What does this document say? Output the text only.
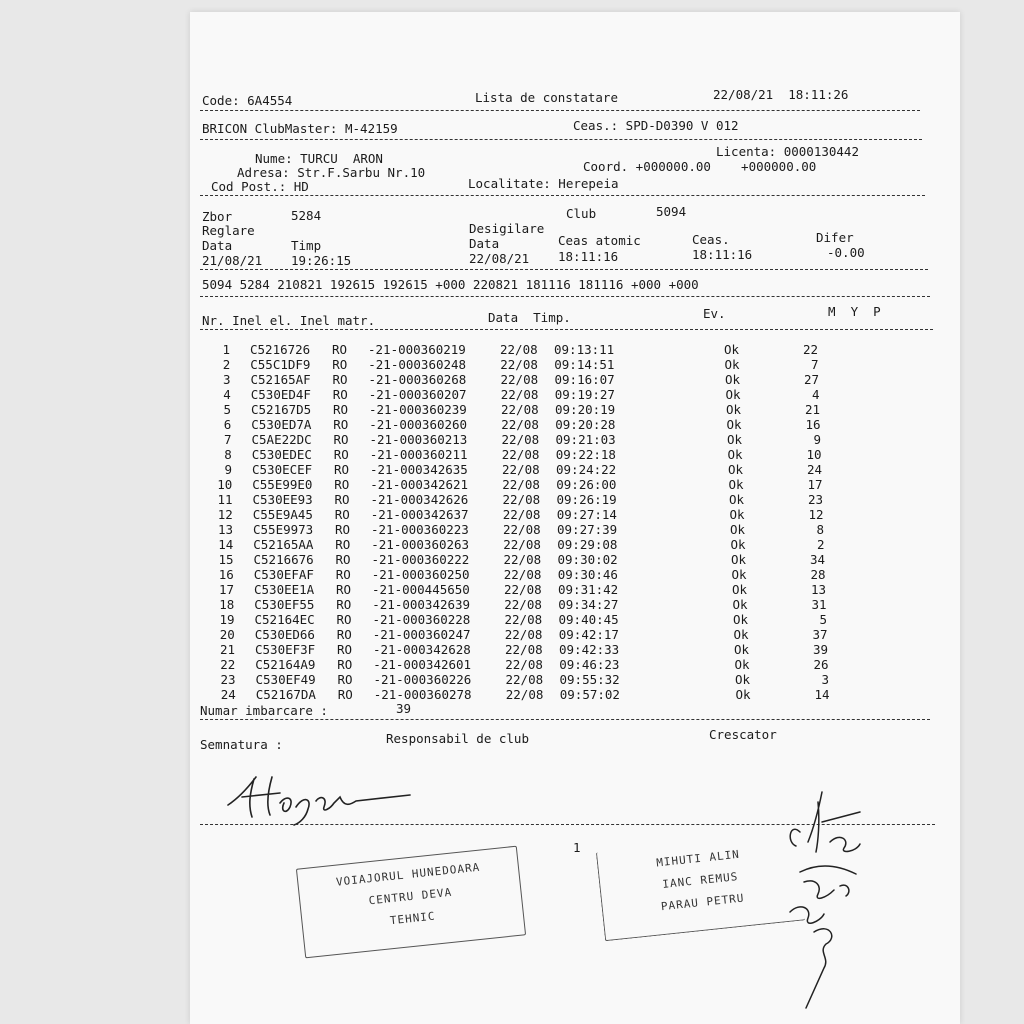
Code: 6A4554	Lista de constatare	22/08/21  18:11:26
BRICON ClubMaster: M-42159	Ceas.: SPD-D0390 V 012
Licenta: 0000130442
Nume: TURCU  ARON
Adresa: Str.F.Sarbu Nr.10	Coord. +000000.00    +000000.00
Cod Post.: HD	Localitate: Herepeia
Zbor	5284	Club	5094
Reglare	Desigilare
Data	Timp	Data	Ceas atomic	Ceas.	Difer
21/08/21 19:26:15	22/08/21 18:11:16	18:11:16	-0.00
5094 5284 210821 192615 192615 +000 220821 181116 181116 +000 +000
Nr. Inel el. Inel matr.	Data  Timp.	Ev.	M  Y  P
1 C5216726 RO -21-000360219	22/08 09:13:11	Ok	22
2 C55C1DF9 RO -21-000360248	22/08 09:14:51	Ok	7
3 C52165AF RO -21-000360268	22/08 09:16:07	Ok	27
4 C530ED4F RO -21-000360207	22/08 09:19:27	Ok	4
5 C52167D5 RO -21-000360239	22/08 09:20:19	Ok	21
6 C530ED7A RO -21-000360260	22/08 09:20:28	Ok	16
7 C5AE22DC RO -21-000360213	22/08 09:21:03	Ok	9
8 C530EDEC RO -21-000360211	22/08 09:22:18	Ok	10
9 C530ECEF RO -21-000342635	22/08 09:24:22	Ok	24
10 C55E99E0 RO -21-000342621	22/08 09:26:00	Ok	17
11 C530EE93 RO -21-000342626	22/08 09:26:19	Ok	23
12 C55E9A45 RO -21-000342637	22/08 09:27:14	Ok	12
13 C55E9973 RO -21-000360223	22/08 09:27:39	Ok	8
14 C52165AA RO -21-000360263	22/08 09:29:08	Ok	2
15 C5216676 RO -21-000360222	22/08 09:30:02	Ok	34
16 C530EFAF RO -21-000360250	22/08 09:30:46	Ok	28
17 C530EE1A RO -21-000445650	22/08 09:31:42	Ok	13
18 C530EF55 RO -21-000342639	22/08 09:34:27	Ok	31
19 C52164EC RO -21-000360228	22/08 09:40:45	Ok	5
20 C530ED66 RO -21-000360247	22/08 09:42:17	Ok	37
21 C530EF3F RO -21-000342628	22/08 09:42:33	Ok	39
22 C52164A9 RO -21-000342601	22/08 09:46:23	Ok	26
23 C530EF49 RO -21-000360226	22/08 09:55:32	Ok	3
24 C52167DA RO -21-000360278	22/08 09:57:02	Ok	14
Numar imbarcare :	39
Semnatura :	Responsabil de club	Crescator
1
VOIAJORUL HUNEDOARA
CENTRU DEVA
TEHNIC
MIHUTI ALIN
IANC REMUS
PARAU PETRU
